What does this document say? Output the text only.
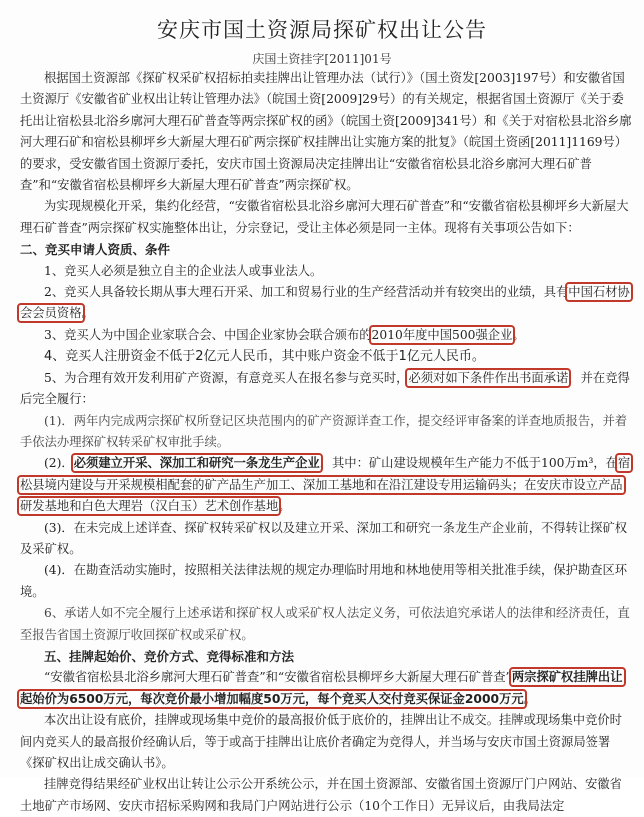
安庆市国土资源局探矿权出让公告
庆国土资挂字[2011]01号

根据国土资源部《探矿权采矿权招标拍卖挂牌出让管理办法（试行）》（国土资发[2003]197号）和安徽省国土资源厅《安徽省矿业权出让转让管理办法》（皖国土资[2009]29号）的有关规定，根据省国土资源厅《关于委托出让宿松县北浴乡廓河大理石矿普查等两宗探矿权的函》（皖国土资[2009]341号）和《关于对宿松县北浴乡廓河大理石矿和宿松县柳坪乡大新屋大理石矿两宗探矿权挂牌出让实施方案的批复》（皖国土资函[2011]1169号）的要求，受安徽省国土资源厅委托，安庆市国土资源局决定挂牌出让“安徽省宿松县北浴乡廓河大理石矿普查”和“安徽省宿松县柳坪乡大新屋大理石矿普查”两宗探矿权。

为实现规模化开采，集约化经营，“安徽省宿松县北浴乡廓河大理石矿普查”和“安徽省宿松县柳坪乡大新屋大理石矿普查”两宗探矿权实施整体出让，分宗登记，受让主体必须是同一主体。现将有关事项公告如下：

二、竞买申请人资质、条件

1、竞买人必须是独立自主的企业法人或事业法人。

2、竞买人具备较长期从事大理石开采、加工和贸易行业的生产经营活动并有较突出的业绩，具有中国石材协会会员资格。

3、竞买人为中国企业家联合会、中国企业家协会联合颁布的2010年度中国500强企业。

4、竞买人注册资金不低于2亿元人民币，其中账户资金不低于1亿元人民币。

5、为合理有效开发利用矿产资源，有意竞买人在报名参与竞买时，必须对如下条件作出书面承诺，并在竞得后完全履行：

(1)．两年内完成两宗探矿权所登记区块范围内的矿产资源详查工作，提交经评审备案的详查地质报告，并着手依法办理探矿权转采矿权审批手续。

(2)．必须建立开采、深加工和研究一条龙生产企业，其中：矿山建设规模年生产能力不低于100万m³，在宿松县境内建设与开采规模相配套的矿产品生产加工、深加工基地和在沿江建设专用运输码头；在安庆市设立产品研发基地和白色大理岩（汉白玉）艺术创作基地。

(3)．在未完成上述详查、探矿权转采矿权以及建立开采、深加工和研究一条龙生产企业前，不得转让探矿权及采矿权。

(4)．在勘查活动实施时，按照相关法律法规的规定办理临时用地和林地使用等相关批准手续，保护勘查区环境。

6、承诺人如不完全履行上述承诺和探矿权人或采矿权人法定义务，可依法追究承诺人的法律和经济责任，直至报告省国土资源厅收回探矿权或采矿权。

五、挂牌起始价、竞价方式、竞得标准和方法

“安徽省宿松县北浴乡廓河大理石矿普查”和“安徽省宿松县柳坪乡大新屋大理石矿普查”两宗探矿权挂牌出让起始价为6500万元，每次竞价最小增加幅度50万元，每个竞买人交付竞买保证金2000万元。

本次出让设有底价，挂牌或现场集中竞价的最高报价低于底价的，挂牌出让不成交。挂牌或现场集中竞价时间内竞买人的最高报价经确认后，等于或高于挂牌出让底价者确定为竞得人，并当场与安庆市国土资源局签署《探矿权出让成交确认书》。

挂牌竞得结果经矿业权出让转让公示公开系统公示，并在国土资源部、安徽省国土资源厅门户网站、安徽省土地矿产市场网、安庆市招标采购网和我局门户网站进行公示（10个工作日）无异议后，由我局法定
